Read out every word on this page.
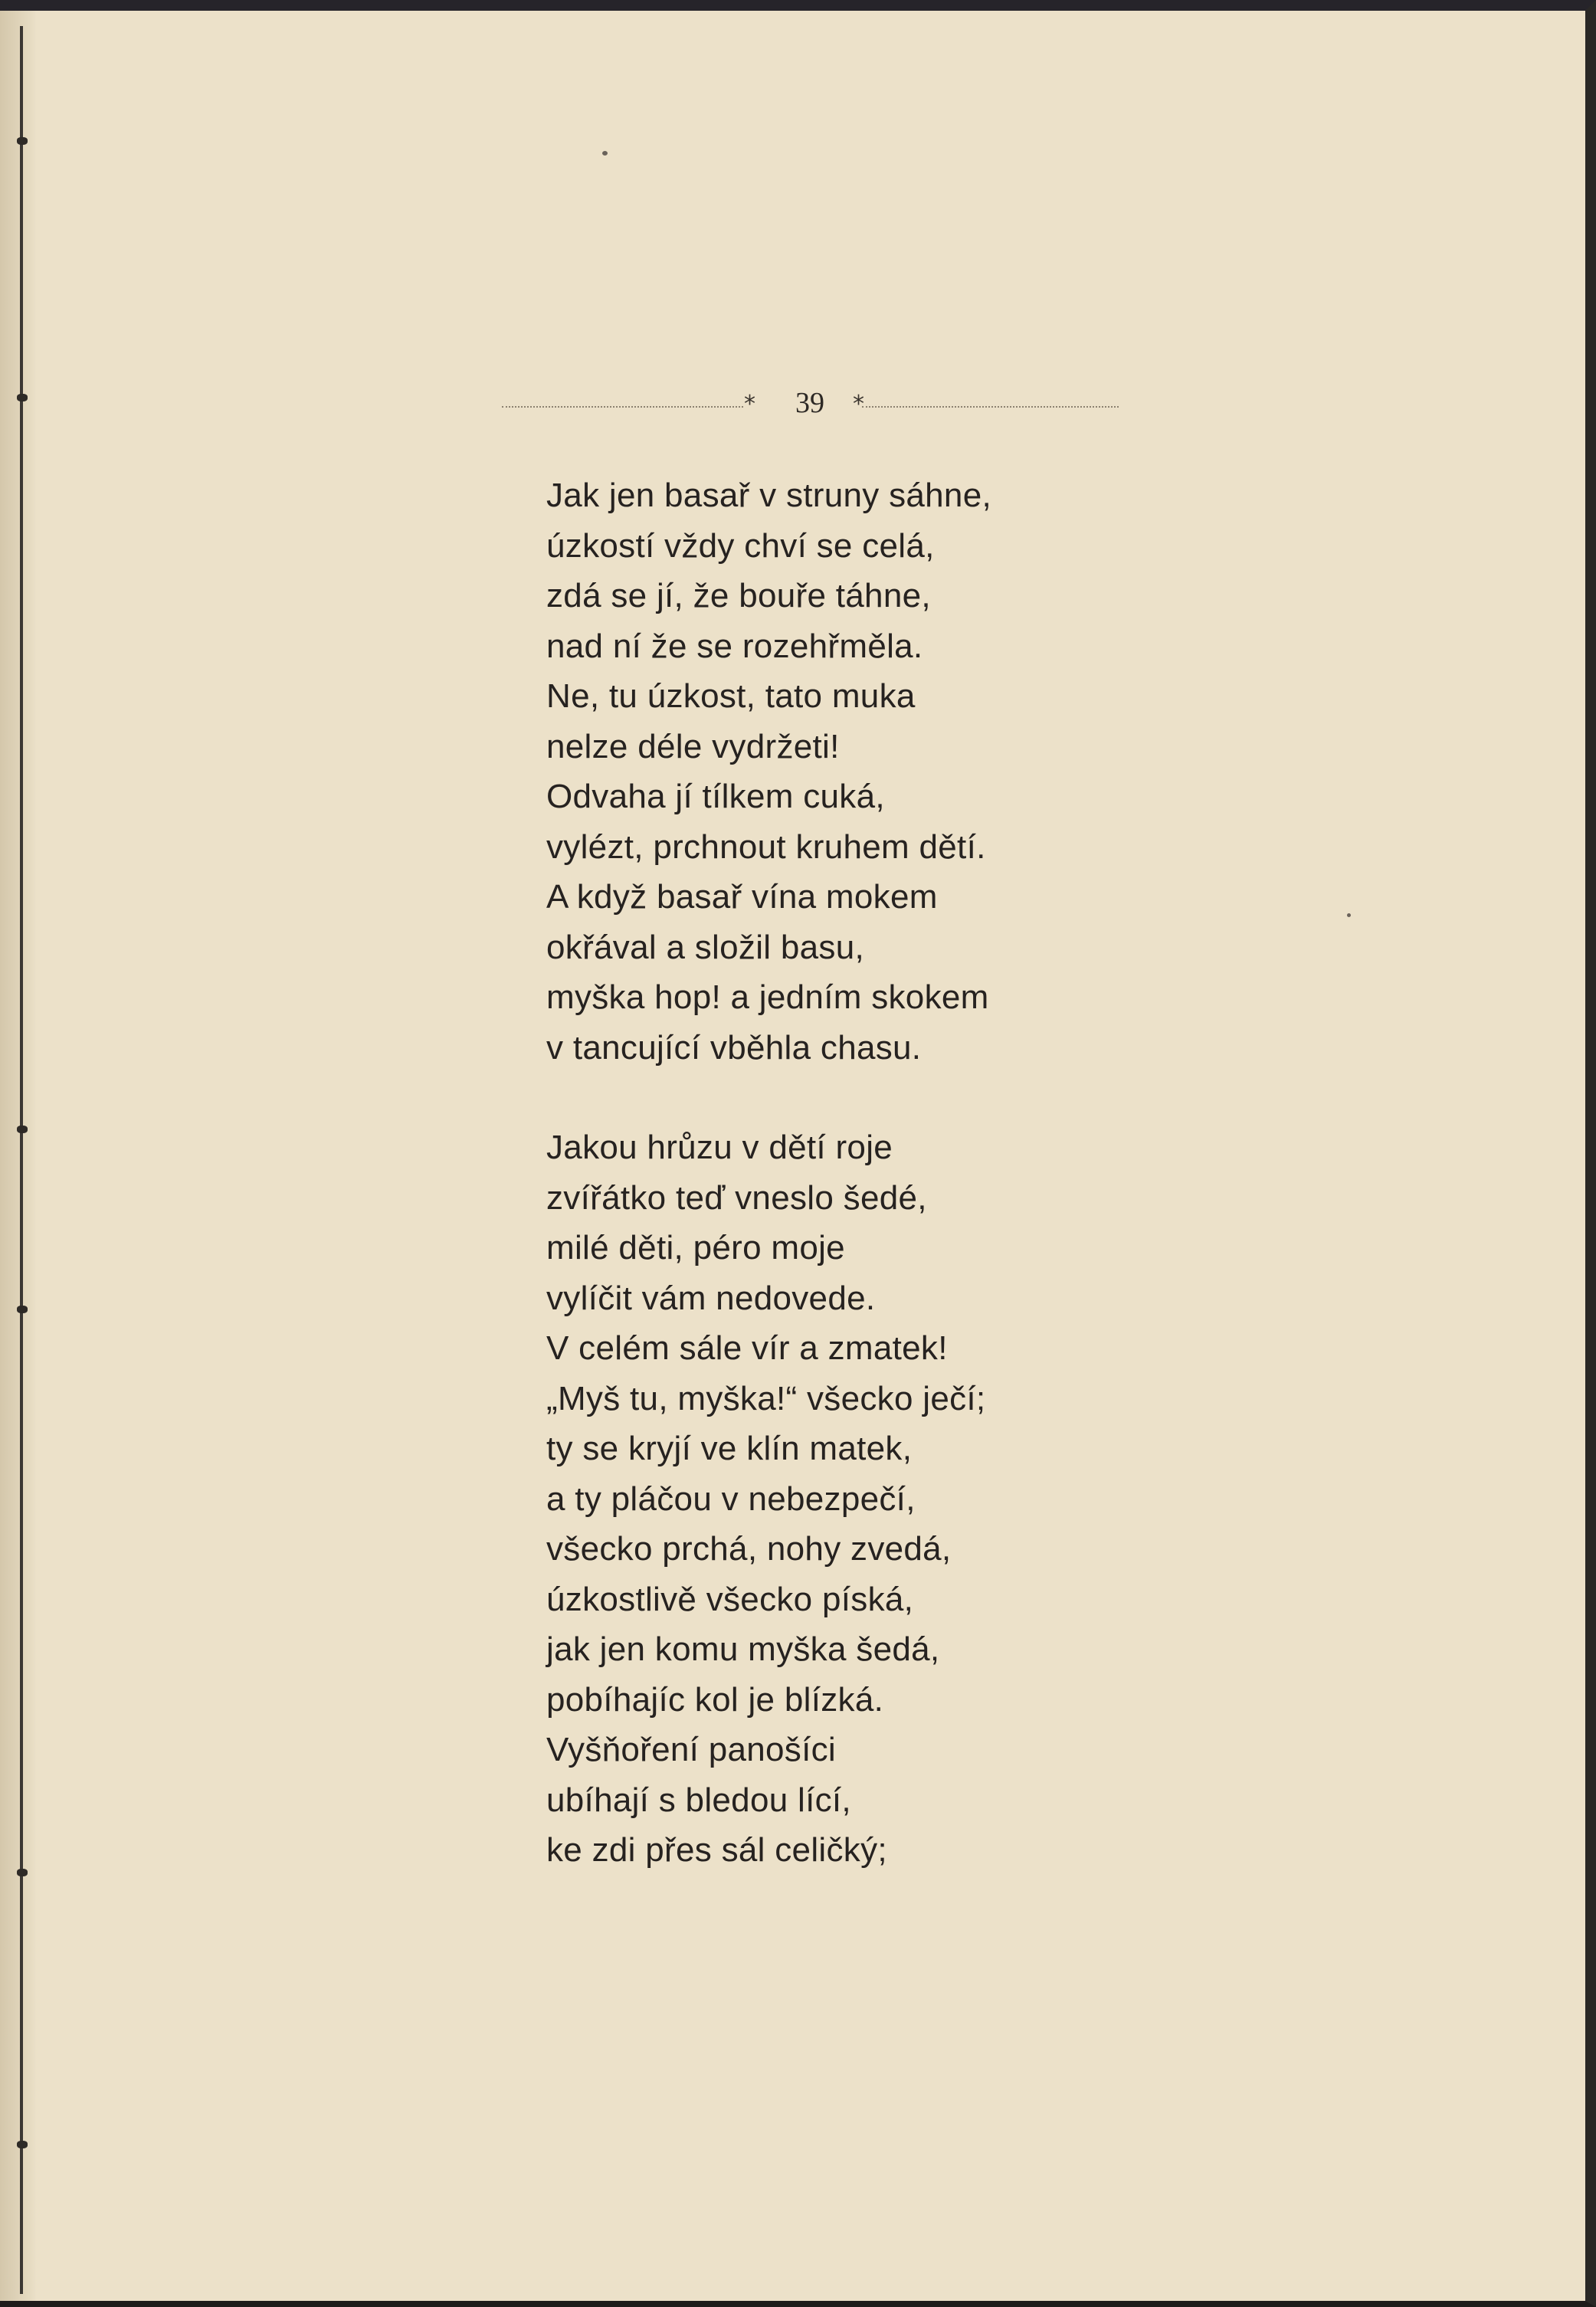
* 39	*
Jak jen basař v struny sáhne,
úzkostí vždy chví se celá,
zdá se jí, že bouře táhne,
nad ní že se rozehřměla.
Ne, tu úzkost, tato muka
nelze déle vydržeti!
Odvaha jí tílkem cuká,
vylézt, prchnout kruhem dětí.
A když basař vína mokem
okřával a složil basu,
myška hop! a jedním skokem
v tancující vběhla chasu.
Jakou hrůzu v dětí roje
zvířátko teď vneslo šedé,
milé děti, péro moje
vylíčit vám nedovede.
V celém sále vír a zmatek!
„Myš tu, myška!“ všecko ječí;
ty se kryjí ve klín matek,
a ty pláčou v nebezpečí,
všecko prchá, nohy zvedá,
úzkostlivě všecko píská,
jak jen komu myška šedá,
pobíhajíc kol je blízká.
Vyšňoření panošíci
ubíhají s bledou lící,
ke zdi přes sál celičký;
